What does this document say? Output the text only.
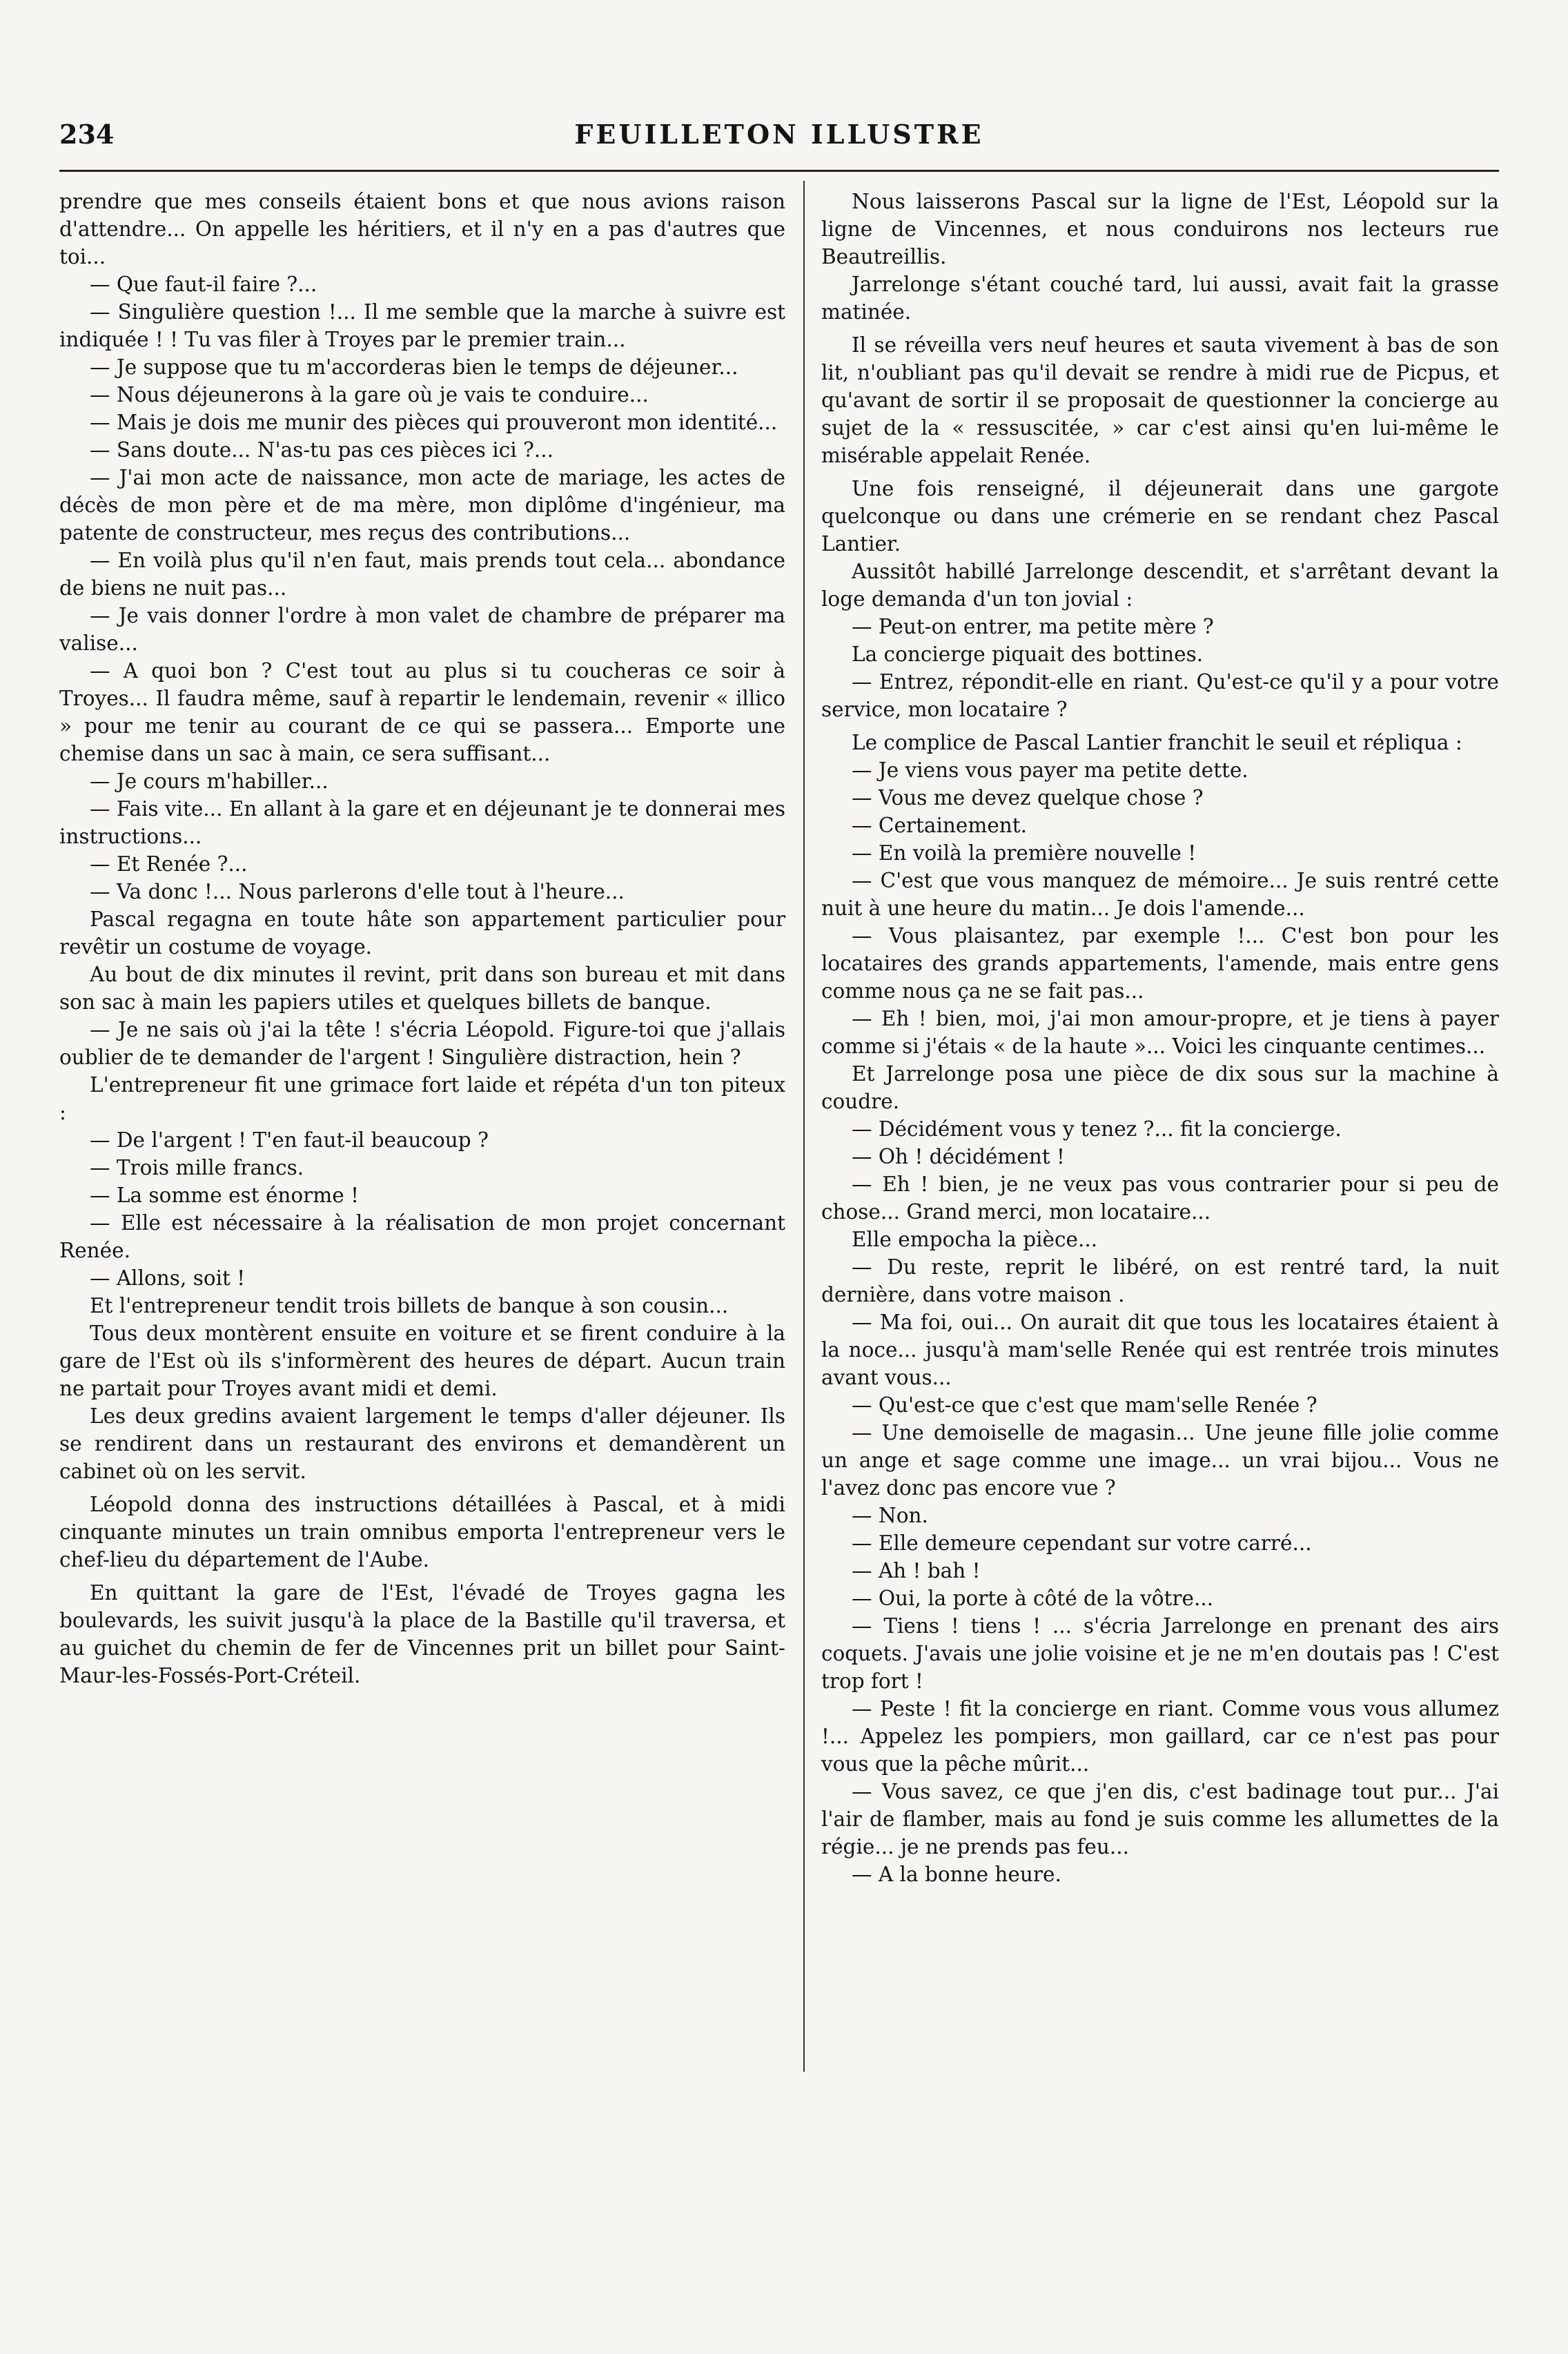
234	FEUILLETON ILLUSTRE

prendre que mes conseils étaient bons et que nous avions raison d'attendre... On appelle les héritiers, et il n'y en a pas d'autres que toi...

— Que faut-il faire ?...

— Singulière question !... Il me semble que la marche à suivre est indiquée ! ! Tu vas filer à Troyes par le premier train...

— Je suppose que tu m'accorderas bien le temps de déjeuner...

— Nous déjeunerons à la gare où je vais te conduire...

— Mais je dois me munir des pièces qui prouveront mon identité...

— Sans doute... N'as-tu pas ces pièces ici ?...

— J'ai mon acte de naissance, mon acte de mariage, les actes de décès de mon père et de ma mère, mon diplôme d'ingénieur, ma patente de constructeur, mes reçus des contributions...

— En voilà plus qu'il n'en faut, mais prends tout cela... abondance de biens ne nuit pas...

— Je vais donner l'ordre à mon valet de chambre de préparer ma valise...

— A quoi bon ? C'est tout au plus si tu coucheras ce soir à Troyes... Il faudra même, sauf à repartir le lendemain, revenir « illico » pour me tenir au courant de ce qui se passera... Emporte une chemise dans un sac à main, ce sera suffisant...

— Je cours m'habiller...

— Fais vite... En allant à la gare et en déjeunant je te donnerai mes instructions...

— Et Renée ?...

— Va donc !... Nous parlerons d'elle tout à l'heure...

Pascal regagna en toute hâte son appartement particulier pour revêtir un costume de voyage.

Au bout de dix minutes il revint, prit dans son bureau et mit dans son sac à main les papiers utiles et quelques billets de banque.

— Je ne sais où j'ai la tête ! s'écria Léopold. Figure-toi que j'allais oublier de te demander de l'argent ! Singulière distraction, hein ?

L'entrepreneur fit une grimace fort laide et répéta d'un ton piteux :

— De l'argent ! T'en faut-il beaucoup ?

— Trois mille francs.

— La somme est énorme !

— Elle est nécessaire à la réalisation de mon projet concernant Renée.

— Allons, soit !

Et l'entrepreneur tendit trois billets de banque à son cousin...

Tous deux montèrent ensuite en voiture et se firent conduire à la gare de l'Est où ils s'informèrent des heures de départ. Aucun train ne partait pour Troyes avant midi et demi.

Les deux gredins avaient largement le temps d'aller déjeuner. Ils se rendirent dans un restaurant des environs et demandèrent un cabinet où on les servit.

Léopold donna des instructions détaillées à Pascal, et à midi cinquante minutes un train omnibus emporta l'entrepreneur vers le chef-lieu du département de l'Aube.

En quittant la gare de l'Est, l'évadé de Troyes gagna les boulevards, les suivit jusqu'à la place de la Bastille qu'il traversa, et au guichet du chemin de fer de Vincennes prit un billet pour Saint-Maur-les-Fossés-Port-Créteil.

Nous laisserons Pascal sur la ligne de l'Est, Léopold sur la ligne de Vincennes, et nous conduirons nos lecteurs rue Beautreillis.

Jarrelonge s'étant couché tard, lui aussi, avait fait la grasse matinée.

Il se réveilla vers neuf heures et sauta vivement à bas de son lit, n'oubliant pas qu'il devait se rendre à midi rue de Picpus, et qu'avant de sortir il se proposait de questionner la concierge au sujet de la « ressuscitée, » car c'est ainsi qu'en lui-même le misérable appelait Renée.

Une fois renseigné, il déjeunerait dans une gargote quelconque ou dans une crémerie en se rendant chez Pascal Lantier.

Aussitôt habillé Jarrelonge descendit, et s'arrêtant devant la loge demanda d'un ton jovial :

— Peut-on entrer, ma petite mère ?

La concierge piquait des bottines.

— Entrez, répondit-elle en riant. Qu'est-ce qu'il y a pour votre service, mon locataire ?

Le complice de Pascal Lantier franchit le seuil et répliqua :

— Je viens vous payer ma petite dette.

— Vous me devez quelque chose ?

— Certainement.

— En voilà la première nouvelle !

— C'est que vous manquez de mémoire... Je suis rentré cette nuit à une heure du matin... Je dois l'amende...

— Vous plaisantez, par exemple !... C'est bon pour les locataires des grands appartements, l'amende, mais entre gens comme nous ça ne se fait pas...

— Eh ! bien, moi, j'ai mon amour-propre, et je tiens à payer comme si j'étais « de la haute »... Voici les cinquante centimes...

Et Jarrelonge posa une pièce de dix sous sur la machine à coudre.

— Décidément vous y tenez ?... fit la concierge.

— Oh ! décidément !

— Eh ! bien, je ne veux pas vous contrarier pour si peu de chose... Grand merci, mon locataire...

Elle empocha la pièce...

— Du reste, reprit le libéré, on est rentré tard, la nuit dernière, dans votre maison .

— Ma foi, oui... On aurait dit que tous les locataires étaient à la noce... jusqu'à mam'selle Renée qui est rentrée trois minutes avant vous...

— Qu'est-ce que c'est que mam'selle Renée ?

— Une demoiselle de magasin... Une jeune fille jolie comme un ange et sage comme une image... un vrai bijou... Vous ne l'avez donc pas encore vue ?

— Non.

— Elle demeure cependant sur votre carré...

— Ah ! bah !

— Oui, la porte à côté de la vôtre...

— Tiens ! tiens ! ... s'écria Jarrelonge en prenant des airs coquets. J'avais une jolie voisine et je ne m'en doutais pas ! C'est trop fort !

— Peste ! fit la concierge en riant. Comme vous vous allumez !... Appelez les pompiers, mon gaillard, car ce n'est pas pour vous que la pêche mûrit...

— Vous savez, ce que j'en dis, c'est badinage tout pur... J'ai l'air de flamber, mais au fond je suis comme les allumettes de la régie... je ne prends pas feu...

— A la bonne heure.
